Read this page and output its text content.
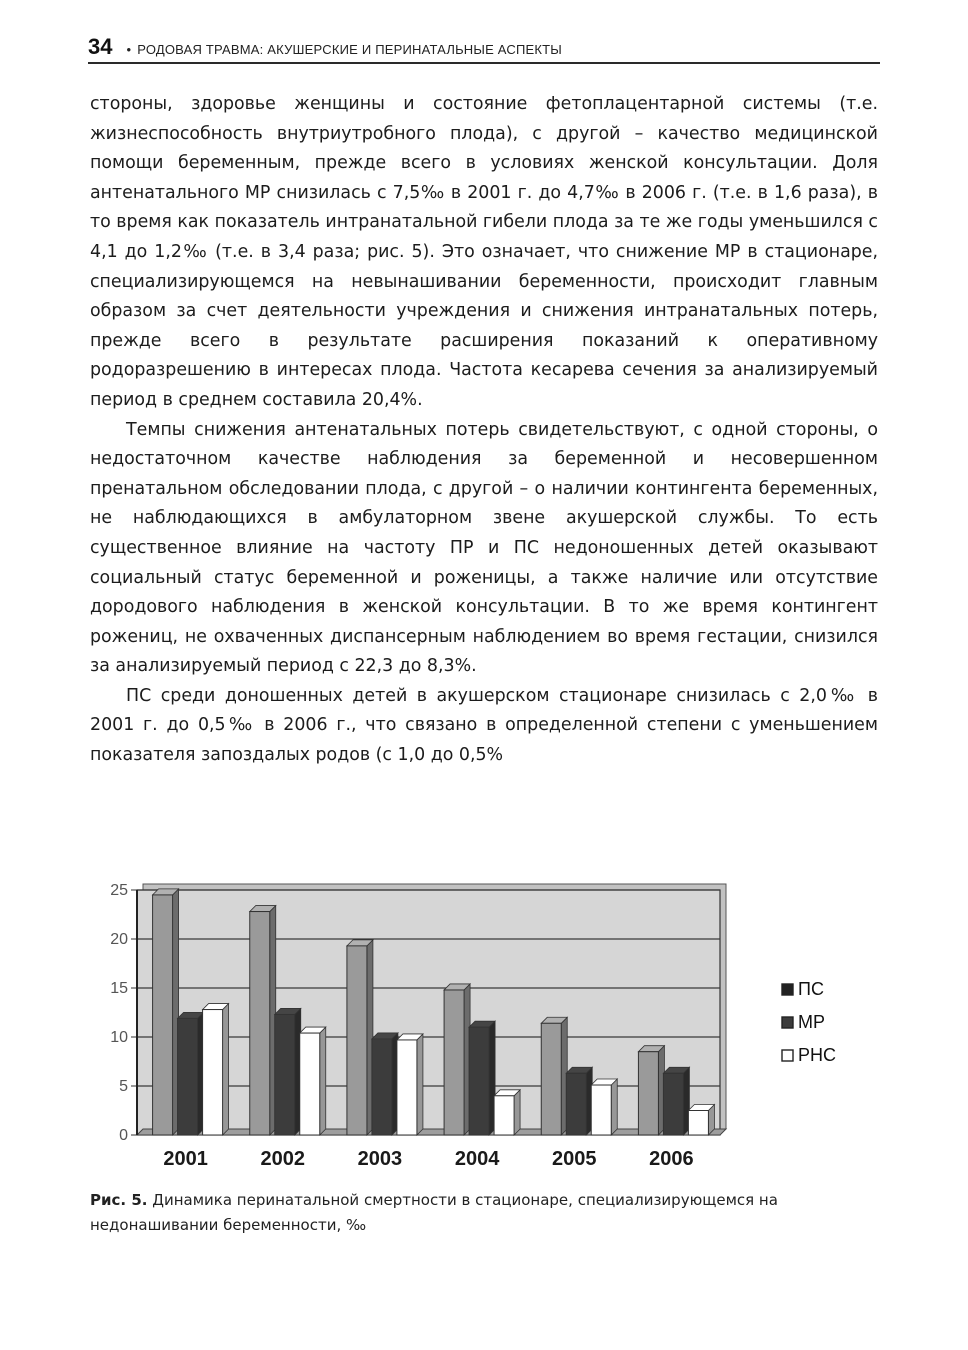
34 • РОДОВАЯ ТРАВМА: АКУШЕРСКИЕ И ПЕРИНАТАЛЬНЫЕ АСПЕКТЫ

стороны, здоровье женщины и состояние фетоплацентарной системы (т.е. жизнеспособность внутриутробного плода), с другой – качество медицинской помощи беременным, прежде всего в условиях женской консультации. Доля антенатального МР снизилась с 7,5‰ в 2001 г. до 4,7‰ в 2006 г. (т.е. в 1,6 раза), в то время как показатель интранатальной гибели плода за те же годы уменьшился с 4,1 до 1,2‰ (т.е. в 3,4 раза; рис. 5). Это означает, что снижение МР в стационаре, специализирующемся на невынашивании беременности, происходит главным образом за счет деятельности учреждения и снижения интранатальных потерь, прежде всего в результате расширения показаний к оперативному родоразрешению в интересах плода. Частота кесарева сечения за анализируемый период в среднем составила 20,4%.

Темпы снижения антенатальных потерь свидетельствуют, с одной стороны, о недостаточном качестве наблюдения за беременной и несовершенном пренатальном обследовании плода, с другой – о наличии контингента беременных, не наблюдающихся в амбулаторном звене акушерской службы. То есть существенное влияние на частоту ПР и ПС недоношенных детей оказывают социальный статус беременной и роженицы, а также наличие или отсутствие дородового наблюдения в женской консультации. В то же время контингент рожениц, не охваченных диспансерным наблюдением во время гестации, снизился за анализируемый период с 22,3 до 8,3%.

ПС среди доношенных детей в акушерском стационаре снизилась с 2,0‰ в 2001 г. до 0,5‰ в 2006 г., что связано в определенной степени с уменьшением показателя запоздалых родов (с 1,0 до 0,5%

0
5
10
15
20
25
2001	2002	2003	2004	2005	2006
ПС
МР
РНС
Рис. 5. Динамика перинатальной смертности в стационаре, специализирующемся на недонашивании беременности, ‰
